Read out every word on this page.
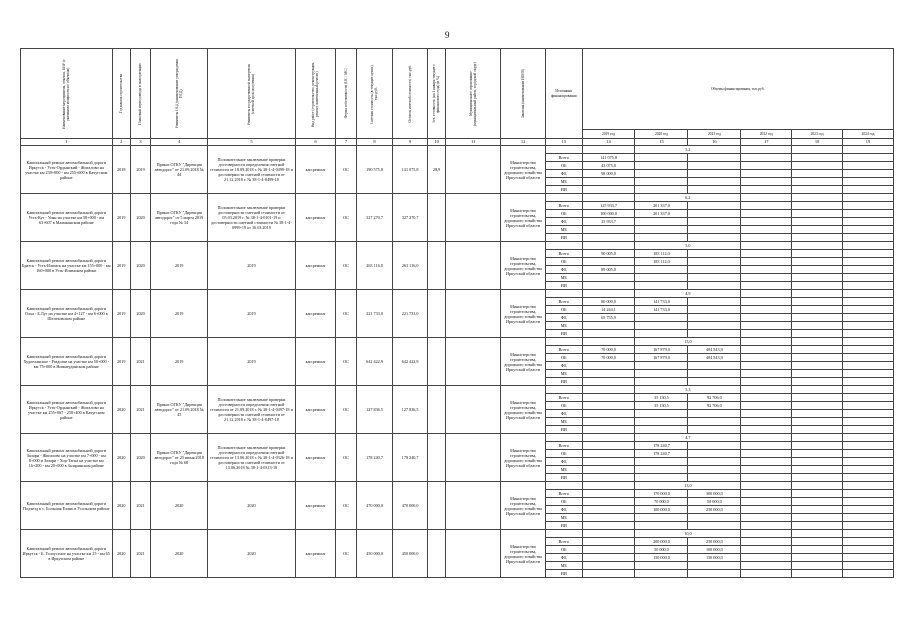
9
Наименование мероприятия, объекта, ПИР (с указанием мощности по объектам)	Год начала строительства	Плановый период ввода в эксплуатацию	Реквизиты ПСД (наименование утверждения ПСД)	Реквизиты государственной экспертизы (сметной срок получения)	Вид работ (строительство, реконструкция, ремонт, капитальный ремонт)	Форма собственности (ОС / МС)	Сметная стоимость (в текущих ценах), тыс.руб.	Остаток сметной стоимости, тыс.руб.	Тех. готовность (на 1 января текущего финансового года) (в %)	Муниципальное образование (муниципальный район, городской округ)	Заказчик (наименование ИОГВ)	Источники финансирования	Объемы финансирования, тыс.руб.					
													2019 год	2020 год	2021 год	2022 год	2023 год	2024 год
1	2	3	4	5	6	7	8	9	10	11	12	13	14	15	16	17	18	19
Капитальный ремонт автомобильной дороги Иркутск - Усть-Ордынский - Жигалово на участке км 230+000 - км 255+000 в Качугском районе	2018	2019	Приказ ОГКУ "Дирекция автодорог" от 21.09.2018 № 44	Положительное заключение проверки достоверности определения сметной стоимости от 18.09.2018 г. № 38-1-4-0499-18 и достоверности сметной стоимости от 21.12.2018 г. № 38-1-4-0499-18	кап.ремонт	ОС	190 575,8	141 075,8	28,9		Министерство строительства, дорожного хозяйства Иркутской области			5,2				
												Всего	141 075,8					
												ОБ	43 075,8					
												ФБ	98 000,0					
												МБ						
												ИИ						
Капитальный ремонт автомобильной дороги Усть-Кут - Уоян на участке км 58+000 - км 63+607 в Мамаканском районе	2019	2020	Приказ ОГКУ "Дирекция автодорог" от 5 марта 2019 года № 34	Положительное заключение проверки достоверности сметной стоимости от 05.03.2019 г. № 38-1-4-0101-19 и достоверности сметной стоимости № 38-1-4-0999-19 от 16.03.2019	кап.ремонт	ОС	327 270,7	327 270,7			Министерство строительства, дорожного хозяйства Иркутской области			6,2				
												Всего	125 933,7	201 337,0				
												ОБ	100 000,0	201 337,0				
												ФБ	25 933,7					
												МБ						
												ИИ						
Капитальный ремонт автомобильной дороги Братск - Усть-Илимск на участке км 155+000 - км 160+000 в Усть-Илимском районе	2019	2020	2019	2019	кап.ремонт	ОС	263 116,0	263 116,0			Министерство строительства, дорожного хозяйства Иркутской области			5,0				
												Всего	90 005,0	183 112,0				
												ОБ		183 112,0				
												ФБ	89 005,0					
												МБ						
												ИИ						
Капитальный ремонт автомобильной дороги Олха - Б.Луг на участке км 4+127 - км 6+000 в Шелеховском районе	2019	2020	2019	2019	кап.ремонт	ОС	221 733,0	221 733,0			Министерство строительства, дорожного хозяйства Иркутской области			4,9				
												Всего	80 000,0	141 733,0				
												ОБ	14 244,1	141 733,0				
												ФБ	65 755,9					
												МБ						
												ИИ						
Капитальный ремонт автомобильной дороги Худоеланское - Раздолье на участке км 50+000 - км 75+000 в Нижнеудинском районе	2019	2021	2019	2019	кап.ремонт	ОС	642 422,9	642 422,9			Министерство строительства, дорожного хозяйства Иркутской области			15,0				
												Всего	70 000,0	167 879,0	404 543,9			
												ОБ	70 000,0	167 879,0	404 543,9			
												ФБ						
												МБ						
												ИИ						
Капитальный ремонт автомобильной дороги Иркутск - Усть-Ордынский - Жигалово на участке км 255+067 - 258+400 в Качугском районе	2020	2021	Приказ ОГКУ "Дирекция автодорог" от 21.09.2018 № 45	Положительное заключение проверки достоверности определения сметной стоимости от 21.09.2018 г. № 38-1-4-0497-18 и достоверности сметной стоимости от 21.12.2018 г. № 38-1-4-0497-18	кап.ремонт	ОС	127 836,5	127 836,5			Министерство строительства, дорожного хозяйства Иркутской области			5,3				
												Всего		35 130,5	92 706,0			
												ОБ		35 130,5	92 706,0			
												ФБ						
												МБ						
												ИИ						
Капитальный ремонт автомобильной дороги Залари - Жигалово на участке км 7+000 - км 8+000 и Залари - Хор-Тагна на участке км 16+200 - км 20+000 в Заларинском районе	2020	2020	Приказ ОГКУ "Дирекция автодорог" от 25 июня 2018 года № 68	Положительное заключение проверки достоверности определения сметной стоимости от 13.06.2018 г. № 38-1-4-0326-18 и достоверности сметной стоимости от 13.06.2018 № 38-1-4-0313-18	кап.ремонт	ОС	178 240,7	178 240,7			Министерство строительства, дорожного хозяйства Иркутской области			4,7				
												Всего		178 240,7				
												ОБ		178 240,7				
												ФБ						
												МБ						
												ИИ						
Капитальный ремонт автомобильной дороги Подъезд к с. Большая Елань в Усольском районе	2020	2021	2020	2020	кап.ремонт	ОС	470 000,0	470 000,0			Министерство строительства, дорожного хозяйства Иркутской области			13,0				
												Всего		170 000,0	300 000,0			
												ОБ		70 000,0	50 000,0			
												ФБ		100 000,0	250 000,0			
												МБ						
												ИИ						
Капитальный ремонт автомобильной дороги Иркутск - Б. Голоустное на участке км 25 - км 65 в Иркутском районе	2020	2021	2020	2020	кап.ремонт	ОС	450 000,0	450 000,0			Министерство строительства, дорожного хозяйства Иркутской области			10,0				
												Всего		200 000,0	250 000,0			
												ОБ		50 000,0	100 000,0			
												ФБ		150 000,0	150 000,0			
												МБ						
												ИИ						
